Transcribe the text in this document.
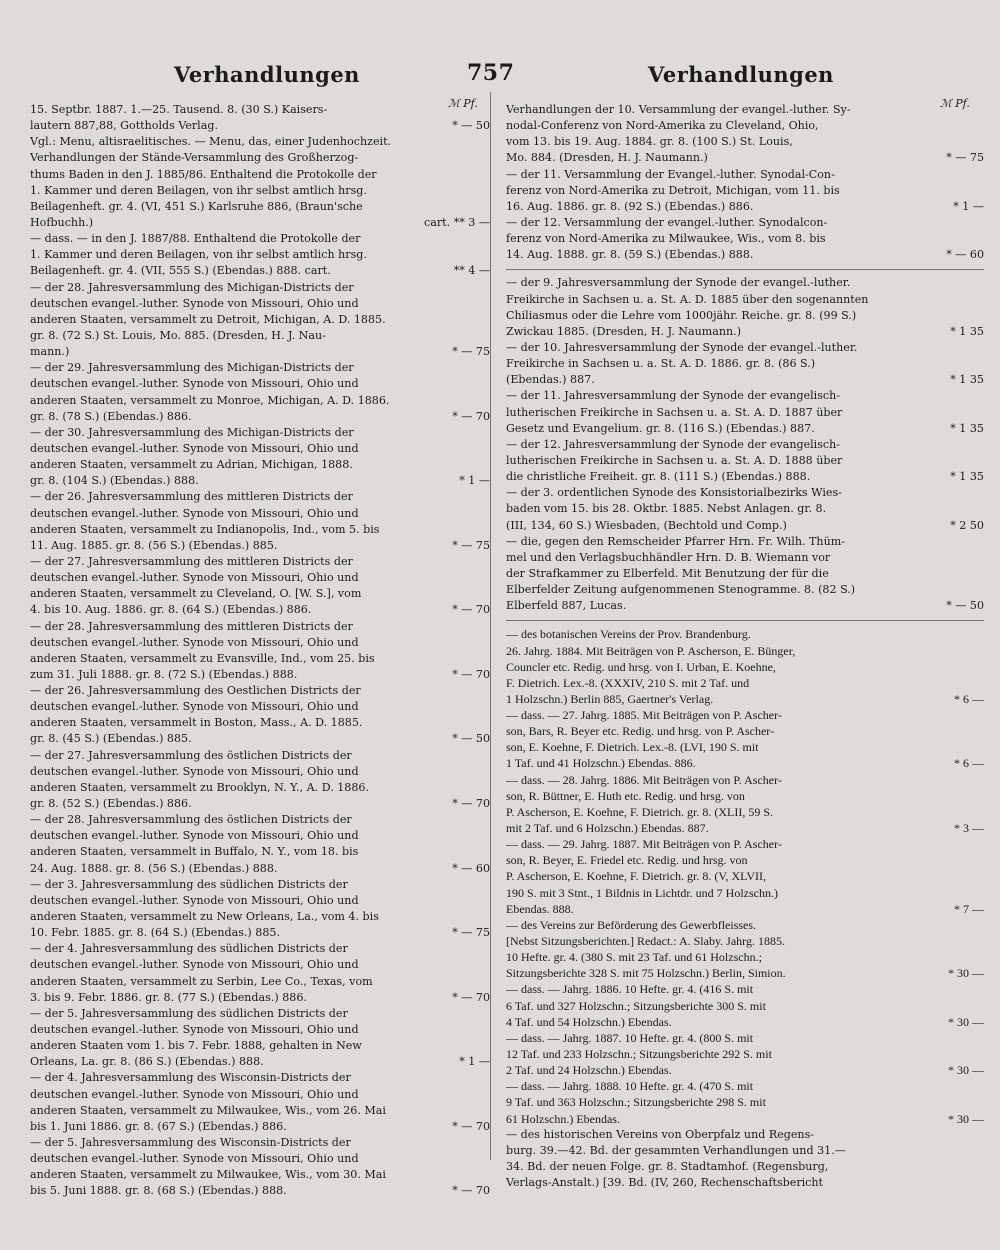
Verhandlungen	757	Verhandlungen
ℳ Pf.	ℳ Pf.
15. Septbr. 1887. 1.—25. Tausend. 8. (30 S.) Kaisers-
lautern 887,88, Gottholds Verlag.	* — 50
Vgl.: Menu, altisraelitisches. — Menu, das, einer Judenhochzeit.
Verhandlungen der Stände-Versammlung des Großherzog-
thums Baden in den J. 1885/86. Enthaltend die Protokolle der
1. Kammer und deren Beilagen, von ihr selbst amtlich hrsg.
Beilagenheft. gr. 4. (VI, 451 S.) Karlsruhe 886, (Braun'sche
Hofbuchh.)	cart. ** 3 —
— dass. — in den J. 1887/88. Enthaltend die Protokolle der
1. Kammer und deren Beilagen, von ihr selbst amtlich hrsg.
Beilagenheft. gr. 4. (VII, 555 S.) (Ebendas.) 888. cart.	** 4 —
— der 28. Jahresversammlung des Michigan-Districts der
deutschen evangel.-luther. Synode von Missouri, Ohio und
anderen Staaten, versammelt zu Detroit, Michigan, A. D. 1885.
gr. 8. (72 S.) St. Louis, Mo. 885. (Dresden, H. J. Nau-
mann.)	* — 75
— der 29. Jahresversammlung des Michigan-Districts der
deutschen evangel.-luther. Synode von Missouri, Ohio und
anderen Staaten, versammelt zu Monroe, Michigan, A. D. 1886.
gr. 8. (78 S.) (Ebendas.) 886.	* — 70
— der 30. Jahresversammlung des Michigan-Districts der
deutschen evangel.-luther. Synode von Missouri, Ohio und
anderen Staaten, versammelt zu Adrian, Michigan, 1888.
gr. 8. (104 S.) (Ebendas.) 888.	* 1 —
— der 26. Jahresversammlung des mittleren Districts der
deutschen evangel.-luther. Synode von Missouri, Ohio und
anderen Staaten, versammelt zu Indianopolis, Ind., vom 5. bis
11. Aug. 1885. gr. 8. (56 S.) (Ebendas.) 885.	* — 75
— der 27. Jahresversammlung des mittleren Districts der
deutschen evangel.-luther. Synode von Missouri, Ohio und
anderen Staaten, versammelt zu Cleveland, O. [W. S.], vom
4. bis 10. Aug. 1886. gr. 8. (64 S.) (Ebendas.) 886.	* — 70
— der 28. Jahresversammlung des mittleren Districts der
deutschen evangel.-luther. Synode von Missouri, Ohio und
anderen Staaten, versammelt zu Evansville, Ind., vom 25. bis
zum 31. Juli 1888. gr. 8. (72 S.) (Ebendas.) 888.	* — 70
— der 26. Jahresversammlung des Oestlichen Districts der
deutschen evangel.-luther. Synode von Missouri, Ohio und
anderen Staaten, versammelt in Boston, Mass., A. D. 1885.
gr. 8. (45 S.) (Ebendas.) 885.	* — 50
— der 27. Jahresversammlung des östlichen Districts der
deutschen evangel.-luther. Synode von Missouri, Ohio und
anderen Staaten, versammelt zu Brooklyn, N. Y., A. D. 1886.
gr. 8. (52 S.) (Ebendas.) 886.	* — 70
— der 28. Jahresversammlung des östlichen Districts der
deutschen evangel.-luther. Synode von Missouri, Ohio und
anderen Staaten, versammelt in Buffalo, N. Y., vom 18. bis
24. Aug. 1888. gr. 8. (56 S.) (Ebendas.) 888.	* — 60
— der 3. Jahresversammlung des südlichen Districts der
deutschen evangel.-luther. Synode von Missouri, Ohio und
anderen Staaten, versammelt zu New Orleans, La., vom 4. bis
10. Febr. 1885. gr. 8. (64 S.) (Ebendas.) 885.	* — 75
— der 4. Jahresversammlung des südlichen Districts der
deutschen evangel.-luther. Synode von Missouri, Ohio und
anderen Staaten, versammelt zu Serbin, Lee Co., Texas, vom
3. bis 9. Febr. 1886. gr. 8. (77 S.) (Ebendas.) 886.	* — 70
— der 5. Jahresversammlung des südlichen Districts der
deutschen evangel.-luther. Synode von Missouri, Ohio und
anderen Staaten vom 1. bis 7. Febr. 1888, gehalten in New
Orleans, La. gr. 8. (86 S.) (Ebendas.) 888.	* 1 —
— der 4. Jahresversammlung des Wisconsin-Districts der
deutschen evangel.-luther. Synode von Missouri, Ohio und
anderen Staaten, versammelt zu Milwaukee, Wis., vom 26. Mai
bis 1. Juni 1886. gr. 8. (67 S.) (Ebendas.) 886.	* — 70
— der 5. Jahresversammlung des Wisconsin-Districts der
deutschen evangel.-luther. Synode von Missouri, Ohio und
anderen Staaten, versammelt zu Milwaukee, Wis., vom 30. Mai
bis 5. Juni 1888. gr. 8. (68 S.) (Ebendas.) 888.	* — 70
Verhandlungen der 10. Versammlung der evangel.-luther. Sy-
nodal-Conferenz von Nord-Amerika zu Cleveland, Ohio,
vom 13. bis 19. Aug. 1884. gr. 8. (100 S.) St. Louis,
Mo. 884. (Dresden, H. J. Naumann.)	* — 75
— der 11. Versammlung der Evangel.-luther. Synodal-Con-
ferenz von Nord-Amerika zu Detroit, Michigan, vom 11. bis
16. Aug. 1886. gr. 8. (92 S.) (Ebendas.) 886.	* 1 —
— der 12. Versammlung der evangel.-luther. Synodalcon-
ferenz von Nord-Amerika zu Milwaukee, Wis., vom 8. bis
14. Aug. 1888. gr. 8. (59 S.) (Ebendas.) 888.	* — 60
— der 9. Jahresversammlung der Synode der evangel.-luther.
Freikirche in Sachsen u. a. St. A. D. 1885 über den sogenannten
Chiliasmus oder die Lehre vom 1000jähr. Reiche. gr. 8. (99 S.)
Zwickau 1885. (Dresden, H. J. Naumann.)	* 1 35
— der 10. Jahresversammlung der Synode der evangel.-luther.
Freikirche in Sachsen u. a. St. A. D. 1886. gr. 8. (86 S.)
(Ebendas.) 887.	* 1 35
— der 11. Jahresversammlung der Synode der evangelisch-
lutherischen Freikirche in Sachsen u. a. St. A. D. 1887 über
Gesetz und Evangelium. gr. 8. (116 S.) (Ebendas.) 887.	* 1 35
— der 12. Jahresversammlung der Synode der evangelisch-
lutherischen Freikirche in Sachsen u. a. St. A. D. 1888 über
die christliche Freiheit. gr. 8. (111 S.) (Ebendas.) 888.	* 1 35
— der 3. ordentlichen Synode des Konsistorialbezirks Wies-
baden vom 15. bis 28. Oktbr. 1885. Nebst Anlagen. gr. 8.
(III, 134, 60 S.) Wiesbaden, (Bechtold und Comp.)	* 2 50
— die, gegen den Remscheider Pfarrer Hrn. Fr. Wilh. Thüm-
mel und den Verlagsbuchhändler Hrn. D. B. Wiemann vor
der Strafkammer zu Elberfeld. Mit Benutzung der für die
Elberfelder Zeitung aufgenommenen Stenogramme. 8. (82 S.)
Elberfeld 887, Lucas.	* — 50
— des botanischen Vereins der Prov. Brandenburg.
26. Jahrg. 1884. Mit Beiträgen von P. Ascherson, E. Bünger,
Councler etc. Redig. und hrsg. von I. Urban, E. Koehne,
F. Dietrich. Lex.-8. (XXXIV, 210 S. mit 2 Taf. und
1 Holzschn.) Berlin 885, Gaertner's Verlag.	* 6 —
— dass. — 27. Jahrg. 1885. Mit Beiträgen von P. Ascher-
son, Bars, R. Beyer etc. Redig. und hrsg. von P. Ascher-
son, E. Koehne, F. Dietrich. Lex.-8. (LVI, 190 S. mit
1 Taf. und 41 Holzschn.) Ebendas. 886.	* 6 —
— dass. — 28. Jahrg. 1886. Mit Beiträgen von P. Ascher-
son, R. Büttner, E. Huth etc. Redig. und hrsg. von
P. Ascherson, E. Koehne, F. Dietrich. gr. 8. (XLII, 59 S.
mit 2 Taf. und 6 Holzschn.) Ebendas. 887.	* 3 —
— dass. — 29. Jahrg. 1887. Mit Beiträgen von P. Ascher-
son, R. Beyer, E. Friedel etc. Redig. und hrsg. von
P. Ascherson, E. Koehne, F. Dietrich. gr. 8. (V, XLVII,
190 S. mit 3 Stnt., 1 Bildnis in Lichtdr. und 7 Holzschn.)
Ebendas. 888.	* 7 —
— des Vereins zur Beförderung des Gewerbfleisses.
[Nebst Sitzungsberichten.] Redact.: A. Slaby. Jahrg. 1885.
10 Hefte. gr. 4. (380 S. mit 23 Taf. und 61 Holzschn.;
Sitzungsberichte 328 S. mit 75 Holzschn.) Berlin, Simion.	* 30 —
— dass. — Jahrg. 1886. 10 Hefte. gr. 4. (416 S. mit
6 Taf. und 327 Holzschn.; Sitzungsberichte 300 S. mit
4 Taf. und 54 Holzschn.) Ebendas.	* 30 —
— dass. — Jahrg. 1887. 10 Hefte. gr. 4. (800 S. mit
12 Taf. und 233 Holzschn.; Sitzungsberichte 292 S. mit
2 Taf. und 24 Holzschn.) Ebendas.	* 30 —
— dass. — Jahrg. 1888. 10 Hefte. gr. 4. (470 S. mit
9 Taf. und 363 Holzschn.; Sitzungsberichte 298 S. mit
61 Holzschn.) Ebendas.	* 30 —
— des historischen Vereins von Oberpfalz und Regens-
burg. 39.—42. Bd. der gesammten Verhandlungen und 31.—
34. Bd. der neuen Folge. gr. 8. Stadtamhof. (Regensburg,
Verlags-Anstalt.) [39. Bd. (IV, 260, Rechenschaftsbericht
